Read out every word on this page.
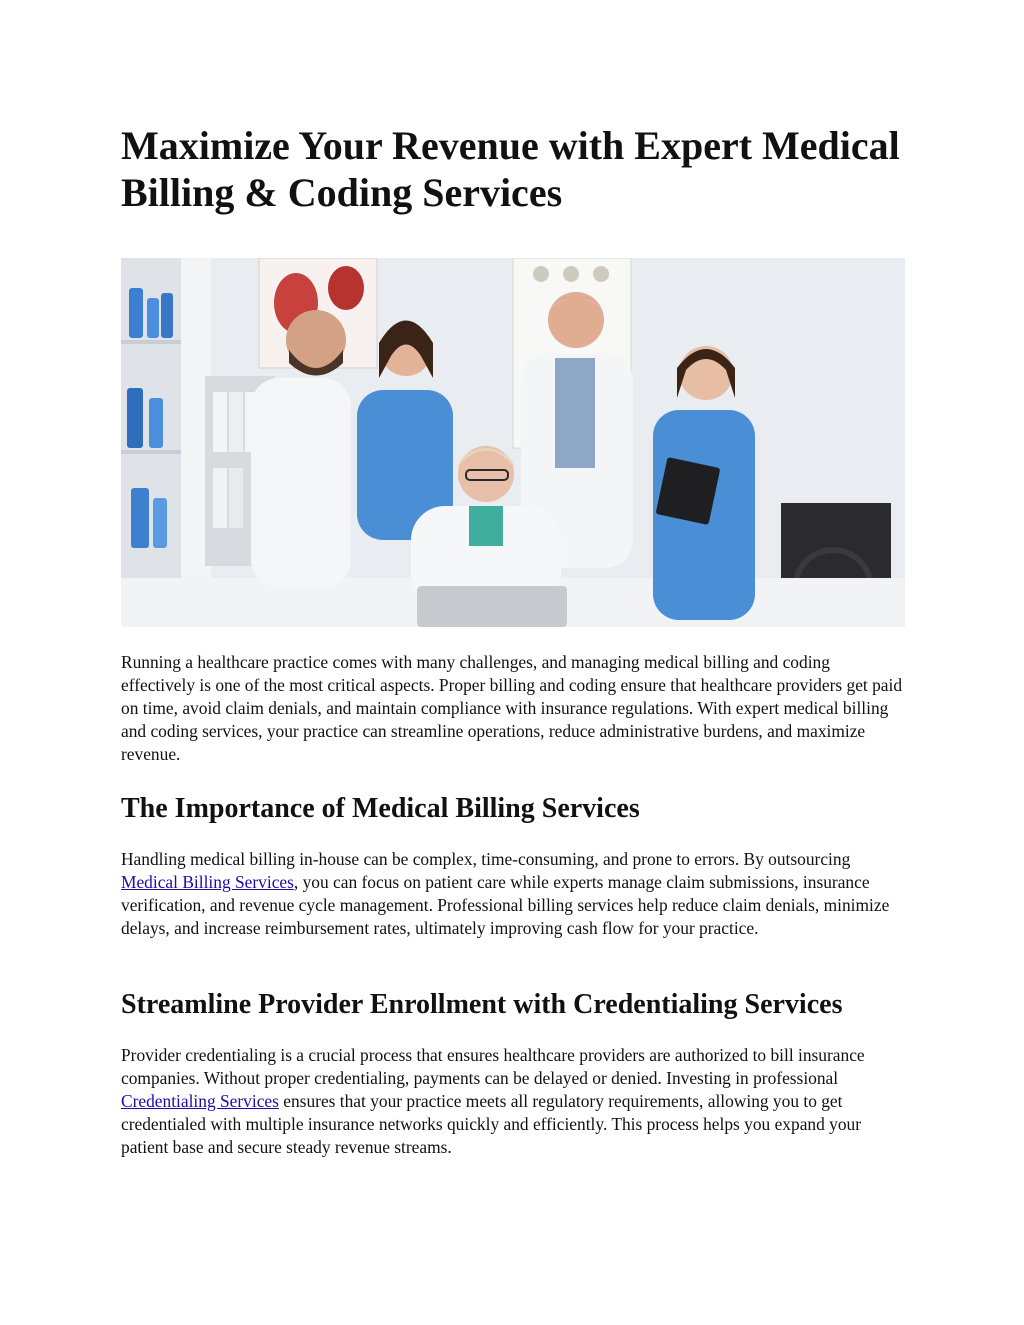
Maximize Your Revenue with Expert Medical Billing & Coding Services

Running a healthcare practice comes with many challenges, and managing medical billing and coding effectively is one of the most critical aspects. Proper billing and coding ensure that healthcare providers get paid on time, avoid claim denials, and maintain compliance with insurance regulations. With expert medical billing and coding services, your practice can streamline operations, reduce administrative burdens, and maximize revenue.

The Importance of Medical Billing Services

Handling medical billing in-house can be complex, time-consuming, and prone to errors. By outsourcing Medical Billing Services, you can focus on patient care while experts manage claim submissions, insurance verification, and revenue cycle management. Professional billing services help reduce claim denials, minimize delays, and increase reimbursement rates, ultimately improving cash flow for your practice.

Streamline Provider Enrollment with Credentialing Services

Provider credentialing is a crucial process that ensures healthcare providers are authorized to bill insurance companies. Without proper credentialing, payments can be delayed or denied. Investing in professional Credentialing Services ensures that your practice meets all regulatory requirements, allowing you to get credentialed with multiple insurance networks quickly and efficiently. This process helps you expand your patient base and secure steady revenue streams.
